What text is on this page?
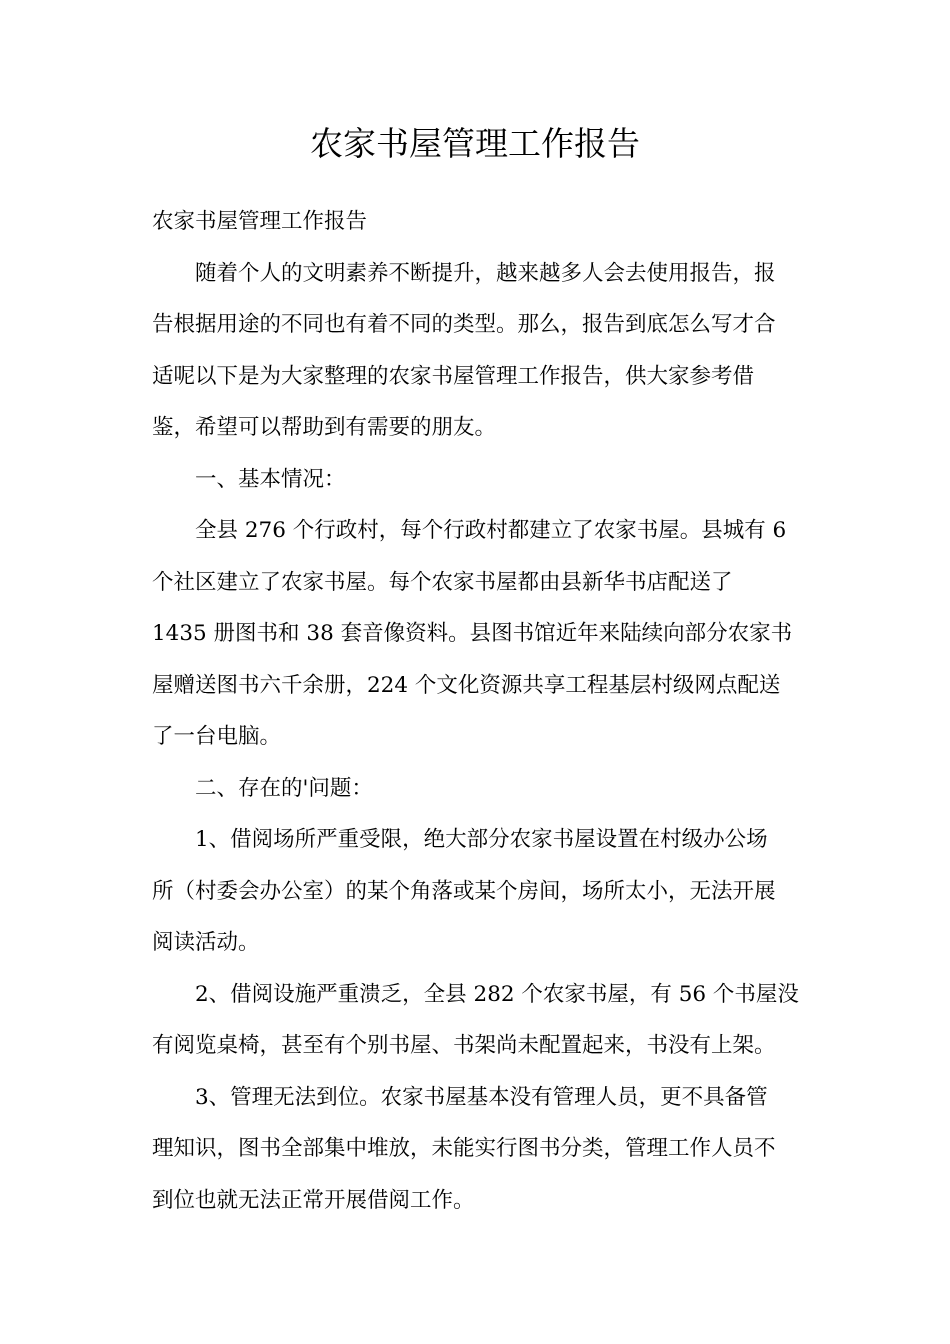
农家书屋管理工作报告

农家书屋管理工作报告

随着个人的文明素养不断提升，越来越多人会去使用报告，报

告根据用途的不同也有着不同的类型。那么，报告到底怎么写才合

适呢以下是为大家整理的农家书屋管理工作报告，供大家参考借

鉴，希望可以帮助到有需要的朋友。

一、基本情况：

全县 276 个行政村，每个行政村都建立了农家书屋。县城有 6

个社区建立了农家书屋。每个农家书屋都由县新华书店配送了

1435 册图书和 38 套音像资料。县图书馆近年来陆续向部分农家书

屋赠送图书六千余册，224 个文化资源共享工程基层村级网点配送

了一台电脑。

二、存在的'问题：

1、借阅场所严重受限，绝大部分农家书屋设置在村级办公场

所（村委会办公室）的某个角落或某个房间，场所太小，无法开展

阅读活动。

2、借阅设施严重溃乏，全县 282 个农家书屋，有 56 个书屋没

有阅览桌椅，甚至有个别书屋、书架尚未配置起来，书没有上架。

3、管理无法到位。农家书屋基本没有管理人员，更不具备管

理知识，图书全部集中堆放，未能实行图书分类，管理工作人员不

到位也就无法正常开展借阅工作。
